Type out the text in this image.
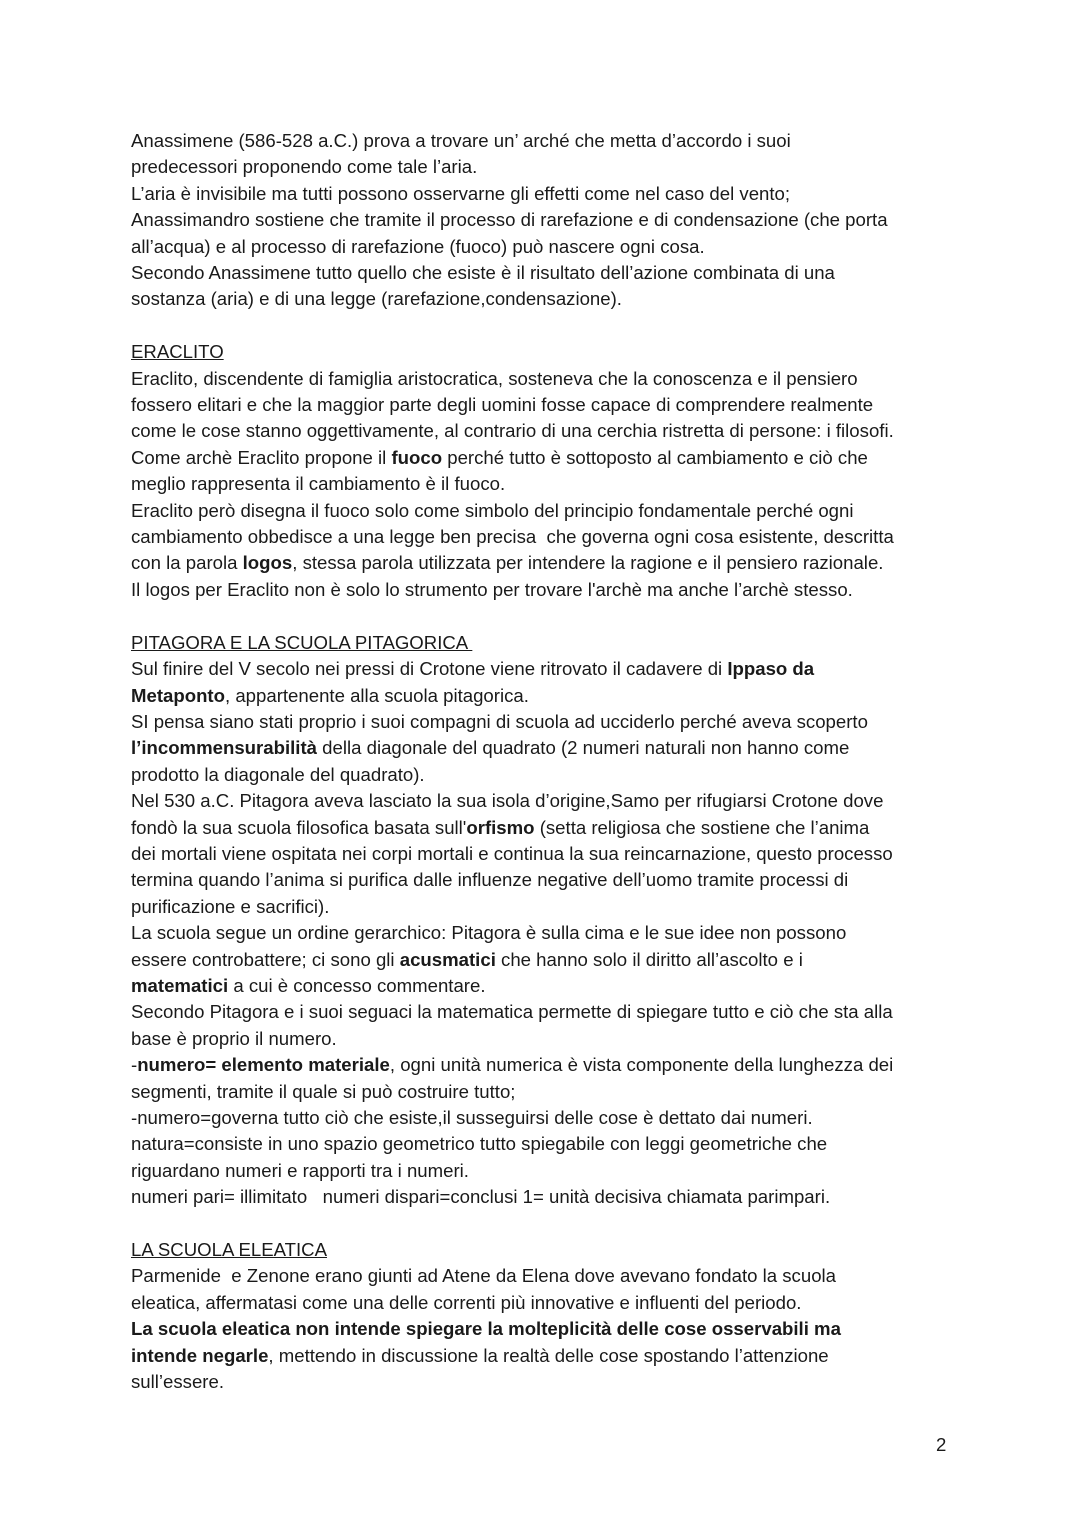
Anassimene (586-528 a.C.) prova a trovare un’ arché che metta d’accordo i suoi
predecessori proponendo come tale l’aria.
L’aria è invisibile ma tutti possono osservarne gli effetti come nel caso del vento;
Anassimandro sostiene che tramite il processo di rarefazione e di condensazione (che porta
all’acqua) e al processo di rarefazione (fuoco) può nascere ogni cosa.
Secondo Anassimene tutto quello che esiste è il risultato dell’azione combinata di una
sostanza (aria) e di una legge (rarefazione,condensazione).
ERACLITO
Eraclito, discendente di famiglia aristocratica, sosteneva che la conoscenza e il pensiero
fossero elitari e che la maggior parte degli uomini fosse capace di comprendere realmente
come le cose stanno oggettivamente, al contrario di una cerchia ristretta di persone: i filosofi.
Come archè Eraclito propone il fuoco perché tutto è sottoposto al cambiamento e ciò che
meglio rappresenta il cambiamento è il fuoco.
Eraclito però disegna il fuoco solo come simbolo del principio fondamentale perché ogni
cambiamento obbedisce a una legge ben precisa  che governa ogni cosa esistente, descritta
con la parola logos, stessa parola utilizzata per intendere la ragione e il pensiero razionale.
Il logos per Eraclito non è solo lo strumento per trovare l'archè ma anche l’archè stesso.
PITAGORA E LA SCUOLA PITAGORICA
Sul finire del V secolo nei pressi di Crotone viene ritrovato il cadavere di Ippaso da
Metaponto, appartenente alla scuola pitagorica.
SI pensa siano stati proprio i suoi compagni di scuola ad ucciderlo perché aveva scoperto
l’incommensurabilità della diagonale del quadrato (2 numeri naturali non hanno come
prodotto la diagonale del quadrato).
Nel 530 a.C. Pitagora aveva lasciato la sua isola d’origine,Samo per rifugiarsi Crotone dove
fondò la sua scuola filosofica basata sull'orfismo (setta religiosa che sostiene che l’anima
dei mortali viene ospitata nei corpi mortali e continua la sua reincarnazione, questo processo
termina quando l’anima si purifica dalle influenze negative dell’uomo tramite processi di
purificazione e sacrifici).
La scuola segue un ordine gerarchico: Pitagora è sulla cima e le sue idee non possono
essere controbattere; ci sono gli acusmatici che hanno solo il diritto all’ascolto e i
matematici a cui è concesso commentare.
Secondo Pitagora e i suoi seguaci la matematica permette di spiegare tutto e ciò che sta alla
base è proprio il numero.
-numero= elemento materiale, ogni unità numerica è vista componente della lunghezza dei
segmenti, tramite il quale si può costruire tutto;
-numero=governa tutto ciò che esiste,il susseguirsi delle cose è dettato dai numeri.
natura=consiste in uno spazio geometrico tutto spiegabile con leggi geometriche che
riguardano numeri e rapporti tra i numeri.
numeri pari= illimitato   numeri dispari=conclusi 1= unità decisiva chiamata parimpari.
LA SCUOLA ELEATICA
Parmenide  e Zenone erano giunti ad Atene da Elena dove avevano fondato la scuola
eleatica, affermatasi come una delle correnti più innovative e influenti del periodo.
La scuola eleatica non intende spiegare la molteplicità delle cose osservabili ma
intende negarle, mettendo in discussione la realtà delle cose spostando l’attenzione
sull’essere.
2
